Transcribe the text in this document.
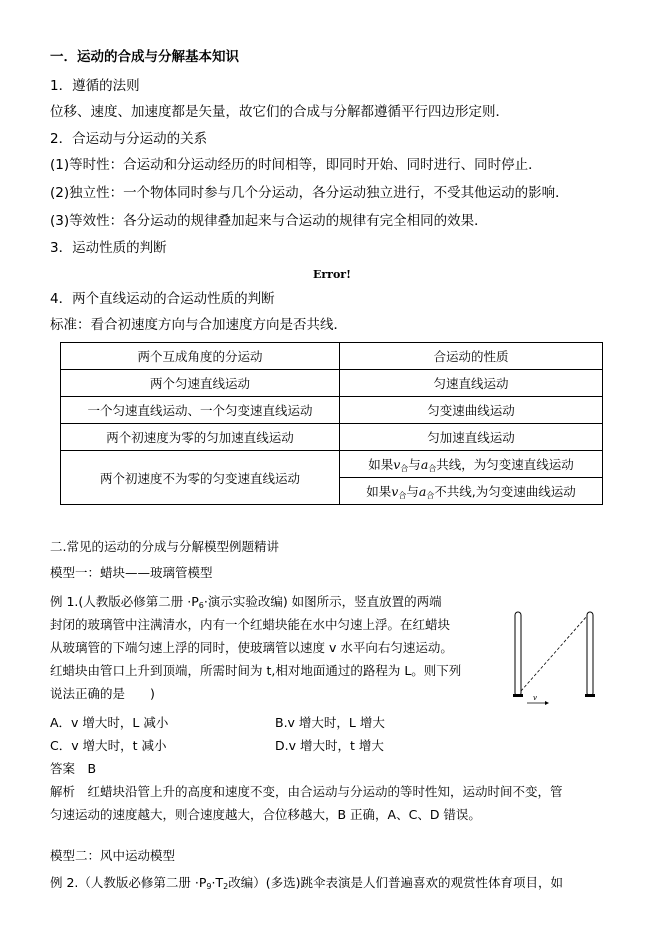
一．运动的合成与分解基本知识
1．遵循的法则
位移、速度、加速度都是矢量，故它们的合成与分解都遵循平行四边形定则．
2．合运动与分运动的关系
(1)等时性：合运动和分运动经历的时间相等，即同时开始、同时进行、同时停止．
(2)独立性：一个物体同时参与几个分运动，各分运动独立进行，不受其他运动的影响．
(3)等效性：各分运动的规律叠加起来与合运动的规律有完全相同的效果．
3．运动性质的判断
Error!
4．两个直线运动的合运动性质的判断
标准：看合初速度方向与合加速度方向是否共线．
两个互成角度的分运动	合运动的性质
两个匀速直线运动	匀速直线运动
一个匀速直线运动、一个匀变速直线运动	匀变速曲线运动
两个初速度为零的匀加速直线运动	匀加速直线运动
两个初速度不为零的匀变速直线运动	如果$v_合$与$a_合$共线，为匀变速直线运动
	如果$v_合$与$a_合$不共线,为匀变速曲线运动
二.常见的运动的分成与分解模型例题精讲
模型一：蜡块——玻璃管模型
例 1.(人教版必修第二册 $\cdot P_6\cdot$演示实验改编) 如图所示，竖直放置的两端
封闭的玻璃管中注满清水，内有一个红蜡块能在水中匀速上浮。在红蜡块
从玻璃管的下端匀速上浮的同时，使玻璃管以速度 v 水平向右匀速运动。
红蜡块由管口上升到顶端，所需时间为 t,相对地面通过的路程为 L。则下列
说法正确的是　　)	v
A．v 增大时，L 减小	B.v 增大时，L 增大
C．v 增大时，t 减小	D.v 增大时，t 增大
答案　B
解析　红蜡块沿管上升的高度和速度不变，由合运动与分运动的等时性知，运动时间不变，管
匀速运动的速度越大，则合速度越大，合位移越大，B 正确，A、C、D 错误。
模型二：风中运动模型
例 2.（人教版必修第二册 $\cdot P_9\cdot T_2$改编）(多选)跳伞表演是人们普遍喜欢的观赏性体育项目，如
